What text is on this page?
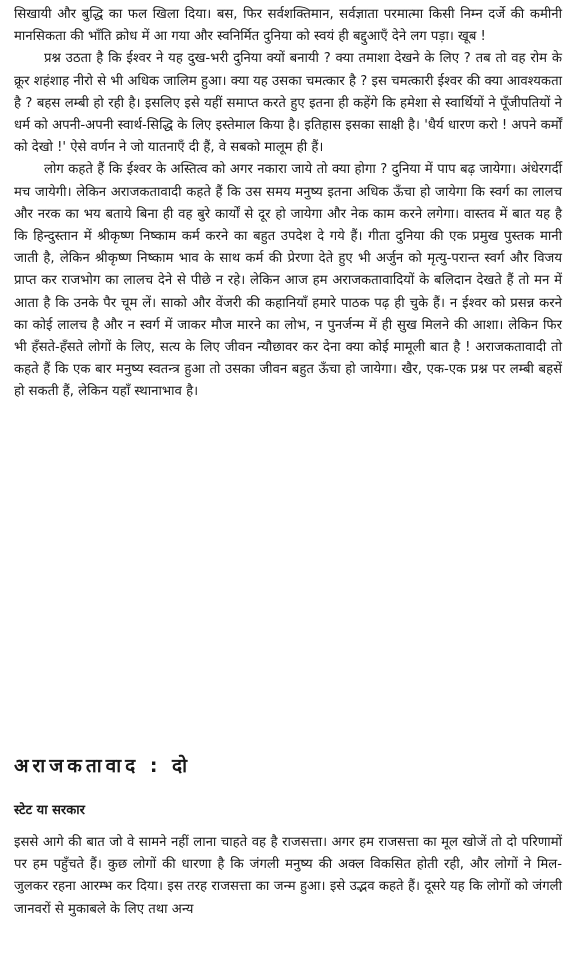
सिखायी और बुद्धि का फल खिला दिया। बस, फिर सर्वशक्तिमान, सर्वज्ञाता परमात्मा किसी निम्न दर्जे की कमीनी मानसिकता की भाँति क्रोध में आ गया और स्वनिर्मित दुनिया को स्वयं ही बद्दुआएँ देने लग पड़ा। खूब !

प्रश्न उठता है कि ईश्वर ने यह दुख-भरी दुनिया क्यों बनायी ? क्या तमाशा देखने के लिए ? तब तो वह रोम के क्रूर शहंशाह नीरो से भी अधिक जालिम हुआ। क्या यह उसका चमत्कार है ? इस चमत्कारी ईश्वर की क्या आवश्यकता है ? बहस लम्बी हो रही है। इसलिए इसे यहीं समाप्त करते हुए इतना ही कहेंगे कि हमेशा से स्वार्थियों ने पूँजीपतियों ने धर्म को अपनी-अपनी स्वार्थ-सिद्धि के लिए इस्तेमाल किया है। इतिहास इसका साक्षी है। 'धैर्य धारण करो ! अपने कर्मों को देखो !' ऐसे वर्णन ने जो यातनाएँ दी हैं, वे सबको मालूम ही हैं।

लोग कहते हैं कि ईश्वर के अस्तित्व को अगर नकारा जाये तो क्या होगा ? दुनिया में पाप बढ़ जायेगा। अंधेरगर्दी मच जायेगी। लेकिन अराजकतावादी कहते हैं कि उस समय मनुष्य इतना अधिक ऊँचा हो जायेगा कि स्वर्ग का लालच और नरक का भय बताये बिना ही वह बुरे कार्यों से दूर हो जायेगा और नेक काम करने लगेगा। वास्तव में बात यह है कि हिन्दुस्तान में श्रीकृष्ण निष्काम कर्म करने का बहुत उपदेश दे गये हैं। गीता दुनिया की एक प्रमुख पुस्तक मानी जाती है, लेकिन श्रीकृष्ण निष्काम भाव के साथ कर्म की प्रेरणा देते हुए भी अर्जुन को मृत्यु-परान्त स्वर्ग और विजय प्राप्त कर राजभोग का लालच देने से पीछे न रहे। लेकिन आज हम अराजकतावादियों के बलिदान देखते हैं तो मन में आता है कि उनके पैर चूम लें। साको और वेंजरी की कहानियाँ हमारे पाठक पढ़ ही चुके हैं। न ईश्वर को प्रसन्न करने का कोई लालच है और न स्वर्ग में जाकर मौज मारने का लोभ, न पुनर्जन्म में ही सुख मिलने की आशा। लेकिन फिर भी हँसते-हँसते लोगों के लिए, सत्य के लिए जीवन न्यौछावर कर देना क्या कोई मामूली बात है ! अराजकतावादी तो कहते हैं कि एक बार मनुष्य स्वतन्त्र हुआ तो उसका जीवन बहुत ऊँचा हो जायेगा। खैर, एक-एक प्रश्न पर लम्बी बहसें हो सकती हैं, लेकिन यहाँ स्थानाभाव है।

अराजकतावाद : दो
स्टेट या सरकार

इससे आगे की बात जो वे सामने नहीं लाना चाहते वह है राजसत्ता। अगर हम राजसत्ता का मूल खोजें तो दो परिणामों पर हम पहुँचते हैं। कुछ लोगों की धारणा है कि जंगली मनुष्य की अक्ल विकसित होती रही, और लोगों ने मिल-जुलकर रहना आरम्भ कर दिया। इस तरह राजसत्ता का जन्म हुआ। इसे उद्भव कहते हैं। दूसरे यह कि लोगों को जंगली जानवरों से मुकाबले के लिए तथा अन्य
